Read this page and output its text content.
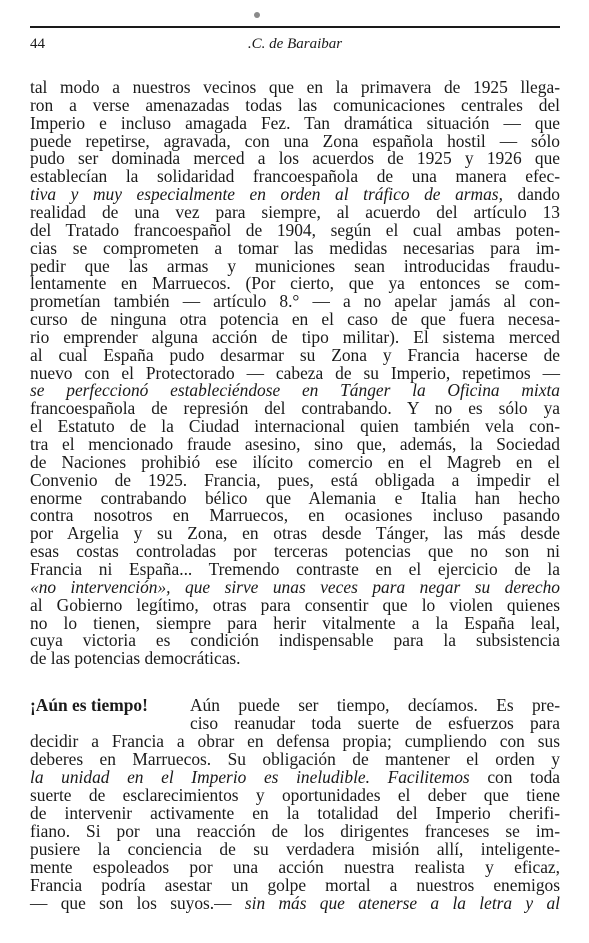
44	.C. de Baraibar
¡Aún es tiempo!
tal modo a nuestros vecinos que en la primavera de 1925 llega-
ron a verse amenazadas todas las comunicaciones centrales del
Imperio e incluso amagada Fez. Tan dramática situación — que
puede repetirse, agravada, con una Zona española hostil — sólo
pudo ser dominada merced a los acuerdos de 1925 y 1926 que
establecían la solidaridad francoespañola de una manera efec-
tiva y muy especialmente en orden al tráfico de armas, dando
realidad de una vez para siempre, al acuerdo del artículo 13
del Tratado francoespañol de 1904, según el cual ambas poten-
cias se comprometen a tomar las medidas necesarias para im-
pedir que las armas y municiones sean introducidas fraudu-
lentamente en Marruecos. (Por cierto, que ya entonces se com-
prometían también — artículo 8.° — a no apelar jamás al con-
curso de ninguna otra potencia en el caso de que fuera necesa-
rio emprender alguna acción de tipo militar). El sistema merced
al cual España pudo desarmar su Zona y Francia hacerse de
nuevo con el Protectorado — cabeza de su Imperio, repetimos —
se perfeccionó estableciéndose en Tánger la Oficina mixta
francoespañola de represión del contrabando. Y no es sólo ya
el Estatuto de la Ciudad internacional quien también vela con-
tra el mencionado fraude asesino, sino que, además, la Sociedad
de Naciones prohibió ese ilícito comercio en el Magreb en el
Convenio de 1925. Francia, pues, está obligada a impedir el
enorme contrabando bélico que Alemania e Italia han hecho
contra nosotros en Marruecos, en ocasiones incluso pasando
por Argelia y su Zona, en otras desde Tánger, las más desde
esas costas controladas por terceras potencias que no son ni
Francia ni España... Tremendo contraste en el ejercicio de la
«no intervención», que sirve unas veces para negar su derecho
al Gobierno legítimo, otras para consentir que lo violen quienes
no lo tienen, siempre para herir vitalmente a la España leal,
cuya victoria es condición indispensable para la subsistencia
de las potencias democráticas.
Aún puede ser tiempo, decíamos. Es pre-
ciso reanudar toda suerte de esfuerzos para
decidir a Francia a obrar en defensa propia; cumpliendo con sus
deberes en Marruecos. Su obligación de mantener el orden y
la unidad en el Imperio es ineludible. Facilitemos con toda
suerte de esclarecimientos y oportunidades el deber que tiene
de intervenir activamente en la totalidad del Imperio cherifi-
fiano. Si por una reacción de los dirigentes franceses se im-
pusiere la conciencia de su verdadera misión allí, inteligente-
mente espoleados por una acción nuestra realista y eficaz,
Francia podría asestar un golpe mortal a nuestros enemigos
— que son los suyos.— sin más que atenerse a la letra y al
